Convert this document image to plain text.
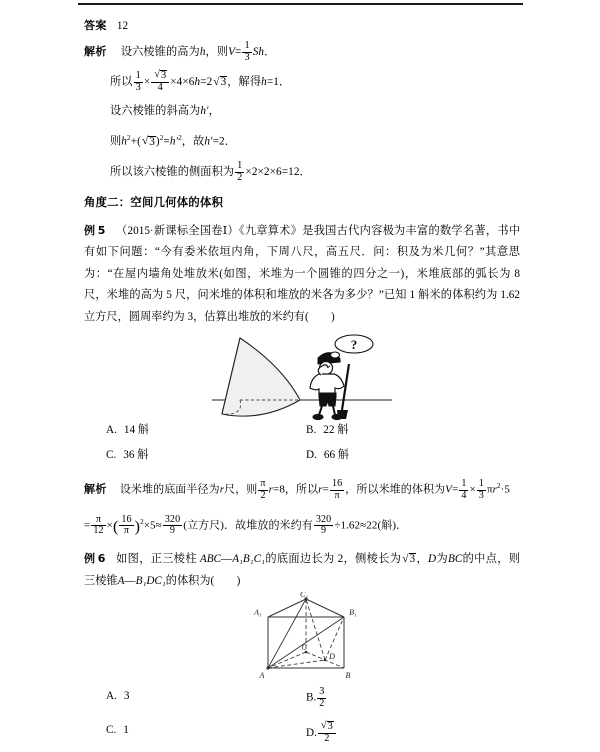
答案 12
解析 设六棱锥的高为h，则$V= \frac{1}{3}$ Sh．
所以 $\frac{1}{3}$ × √ $\frac{3}{4} \times 4\times 6h=2$ √ 3，解得h=1．
设六棱锥的斜高为h′，
则$h^2+$( √ $3)^2=h'^2$，故h′=2．
所以该六棱锥的侧面积为 $\frac{1}{2} \times 2\times 2\times 6=12$．
角度二：空间几何体的体积
例 5 （2015·新课标全国卷Ⅰ）《九章算术》是我国古代内容极为丰富的数学名著，书中有如下问题：“今有委米依垣内角，下周八尺，高五尺．问：积及为米几何？”其意思为：“在屋内墙角处堆放米(如图，米堆为一个圆锥的四分之一)，米堆底部的弧长为 8 尺，米堆的高为 5 尺，问米堆的体积和堆放的米各为多少？”已知 1 斛米的体积约为 1.62 立方尺，圆周率约为 3，估算出堆放的米约有(　　)
?
A. 14 斛	B. 22 斛
C. 36 斛	D. 66 斛
解析 设米堆的底面半径为r尺，则 $\frac{\pi}{2} r=8$，所以$r= \frac{16}{\pi}$ ，所以米堆的体积为$V= \frac{1}{4} \times \frac{1}{3} \pi r^2\cdot 5$
= $\frac{\pi}{12}$ ×( $\frac{16}{\pi} )^2\times 5\approx \frac{320}{9}$ (立方尺)．故堆放的米约有 $\frac{320}{9} \div 1.62\approx 22$(斛)．
例 6 如图，正三棱柱 ABC—A₁B₁C₁的底面边长为 2，侧棱长为 √ 3，D为BC的中点，则三棱锥A—B₁DC₁的体积为(　　)
C₁
A₁	B₁
C
D
A	B
A. 3	B. $\frac{3}{2}$
C. 1	D. √ $\frac{3}{2}$
